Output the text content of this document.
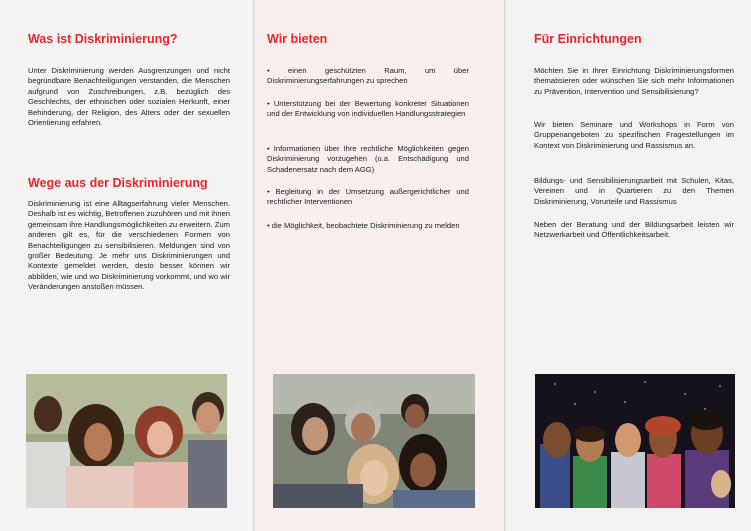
Was ist Diskriminierung?

Unter Diskriminierung werden Ausgrenzungen und nicht begründbare Benachteiligungen verstanden, die Menschen aufgrund von Zuschreibungen, z.B. bezüglich des Geschlechts, der ethnischen oder sozialen Herkunft, einer Behinderung, der Religion, des Alters oder der sexuellen Orientierung erfahren.

Wege aus der Diskriminierung

Diskriminierung ist eine Alltagserfahrung vieler Menschen. Deshalb ist es wichtig, Betroffenen zuzuhören und mit ihnen gemeinsam ihre Handlungsmöglichkeiten zu erweitern. Zum anderen gilt es, für die verschiedenen Formen von Benachteiligungen zu sensibilisieren. Meldungen sind von großer Bedeutung. Je mehr uns Diskriminierungen und Kontexte gemeldet werden, desto besser können wir abbilden, wie und wo Diskriminierung vorkommt, und wo wir Veränderungen anstoßen müssen.

Wir bieten
• einen geschützten Raum, um über Diskriminierungserfahrungen zu sprechen
• Unterstützung bei der Bewertung konkreter Situationen und der Entwicklung von individuellen Handlungsstrategien
• Informationen über Ihre rechtliche Möglichkeiten gegen Diskriminierung vorzugehen (u.a. Entschädigung und Schadenersatz nach dem AGG)
• Begleitung in der Umsetzung außergerichtlicher und rechtlicher Interventionen
• die Möglichkeit, beobachtete Diskriminierung zu melden
Für Einrichtungen

Möchten Sie in Ihrer Einrichtung Diskriminierungsformen thematisieren oder wünschen Sie sich mehr Informationen zu Prävention, Intervention und Sensibilisierung?

Wir bieten Seminare und Workshops in Form von Gruppenangeboten zu spezifischen Fragestellungen im Kontext von Diskriminierung und Rassismus an.

Bildungs- und Sensibilisierungsarbeit mit Schulen, Kitas, Vereinen und in Quartieren zu den Themen Diskriminierung, Vorurteile und Rassismus

Neben der Beratung und der Bildungsarbeit leisten wir Netzwerkarbeit und Öffentlichkeitsarbeit.
